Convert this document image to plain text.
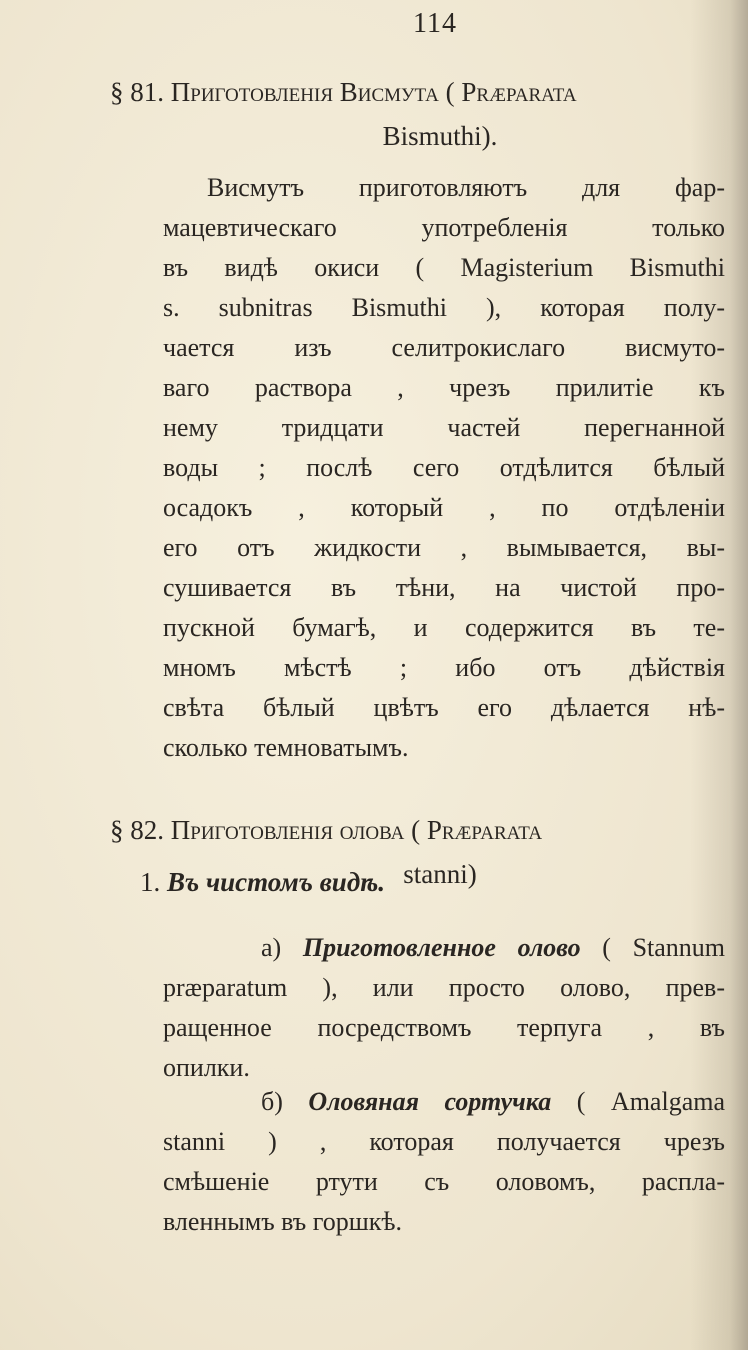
114
§ 81. Приготовленія Висмута ( Præparata
Bismuthi).
Висмутъ приготовляютъ для фар-
мацевтическаго употребленія только
въ видѣ окиси ( Magisterium Bismuthi
s. subnitras Bismuthi ), которая полу-
чается изъ селитрокислаго висмуто-
ваго раствора , чрезъ прилитіе къ
нему тридцати частей перегнанной
воды ; послѣ сего отдѣлится бѣлый
осадокъ , который , по отдѣленіи
его отъ жидкости , вымывается, вы-
сушивается въ тѣни, на чистой про-
пускной бумагѣ, и содержится въ те-
мномъ мѣстѣ ; ибо отъ дѣйствія
свѣта бѣлый цвѣтъ его дѣлается нѣ-
сколько темноватымъ.
§ 82. Приготовленія олова ( Præparata
stanni)
1. Въ чистомъ видѣ.
а) Приготовленное олово ( Stannum
præparatum ), или просто олово, прев-
ращенное посредствомъ терпуга , въ
опилки.
б) Оловяная сортучка ( Amalgama
stanni ) , которая получается чрезъ
смѣшеніе ртути съ оловомъ, распла-
вленнымъ въ горшкѣ.
